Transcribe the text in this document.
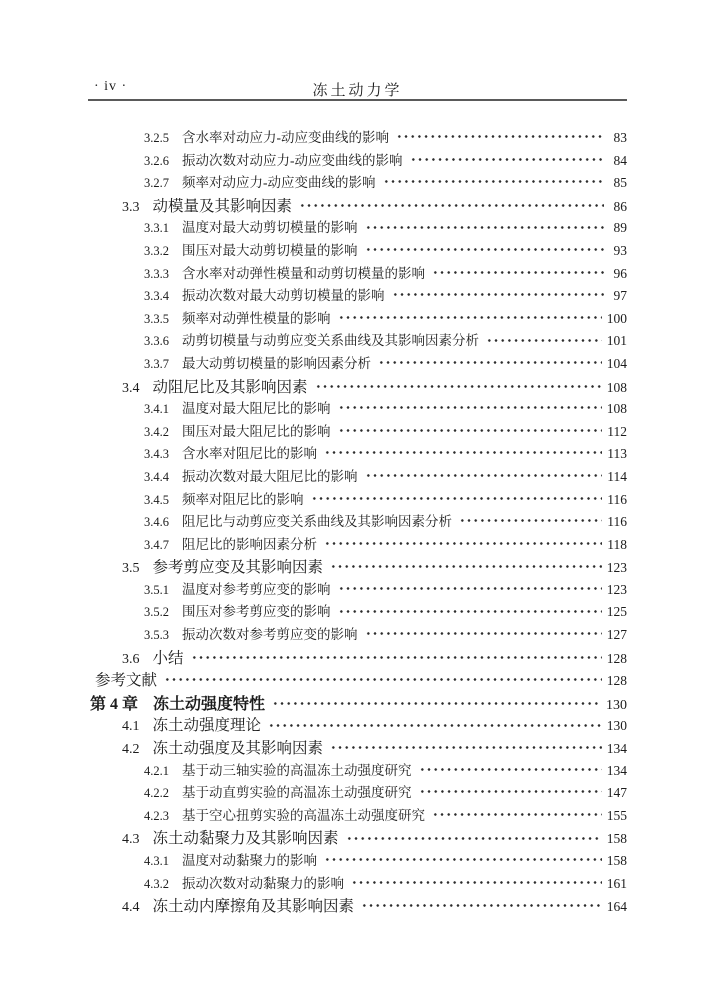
· iv ·	冻土动力学
3.2.5 含水率对动应力-动应变曲线的影响	83
3.2.6 振动次数对动应力-动应变曲线的影响	84
3.2.7 频率对动应力-动应变曲线的影响	85
3.3 动模量及其影响因素	86
3.3.1 温度对最大动剪切模量的影响	89
3.3.2 围压对最大动剪切模量的影响	93
3.3.3 含水率对动弹性模量和动剪切模量的影响	96
3.3.4 振动次数对最大动剪切模量的影响	97
3.3.5 频率对动弹性模量的影响	100
3.3.6 动剪切模量与动剪应变关系曲线及其影响因素分析	101
3.3.7 最大动剪切模量的影响因素分析	104
3.4 动阻尼比及其影响因素	108
3.4.1 温度对最大阻尼比的影响	108
3.4.2 围压对最大阻尼比的影响	112
3.4.3 含水率对阻尼比的影响	113
3.4.4 振动次数对最大阻尼比的影响	114
3.4.5 频率对阻尼比的影响	116
3.4.6 阻尼比与动剪应变关系曲线及其影响因素分析	116
3.4.7 阻尼比的影响因素分析	118
3.5 参考剪应变及其影响因素	123
3.5.1 温度对参考剪应变的影响	123
3.5.2 围压对参考剪应变的影响	125
3.5.3 振动次数对参考剪应变的影响	127
3.6 小结	128
参考文献	128
第 4 章 冻土动强度特性	130
4.1 冻土动强度理论	130
4.2 冻土动强度及其影响因素	134
4.2.1 基于动三轴实验的高温冻土动强度研究	134
4.2.2 基于动直剪实验的高温冻土动强度研究	147
4.2.3 基于空心扭剪实验的高温冻土动强度研究	155
4.3 冻土动黏聚力及其影响因素	158
4.3.1 温度对动黏聚力的影响	158
4.3.2 振动次数对动黏聚力的影响	161
4.4 冻土动内摩擦角及其影响因素	164
